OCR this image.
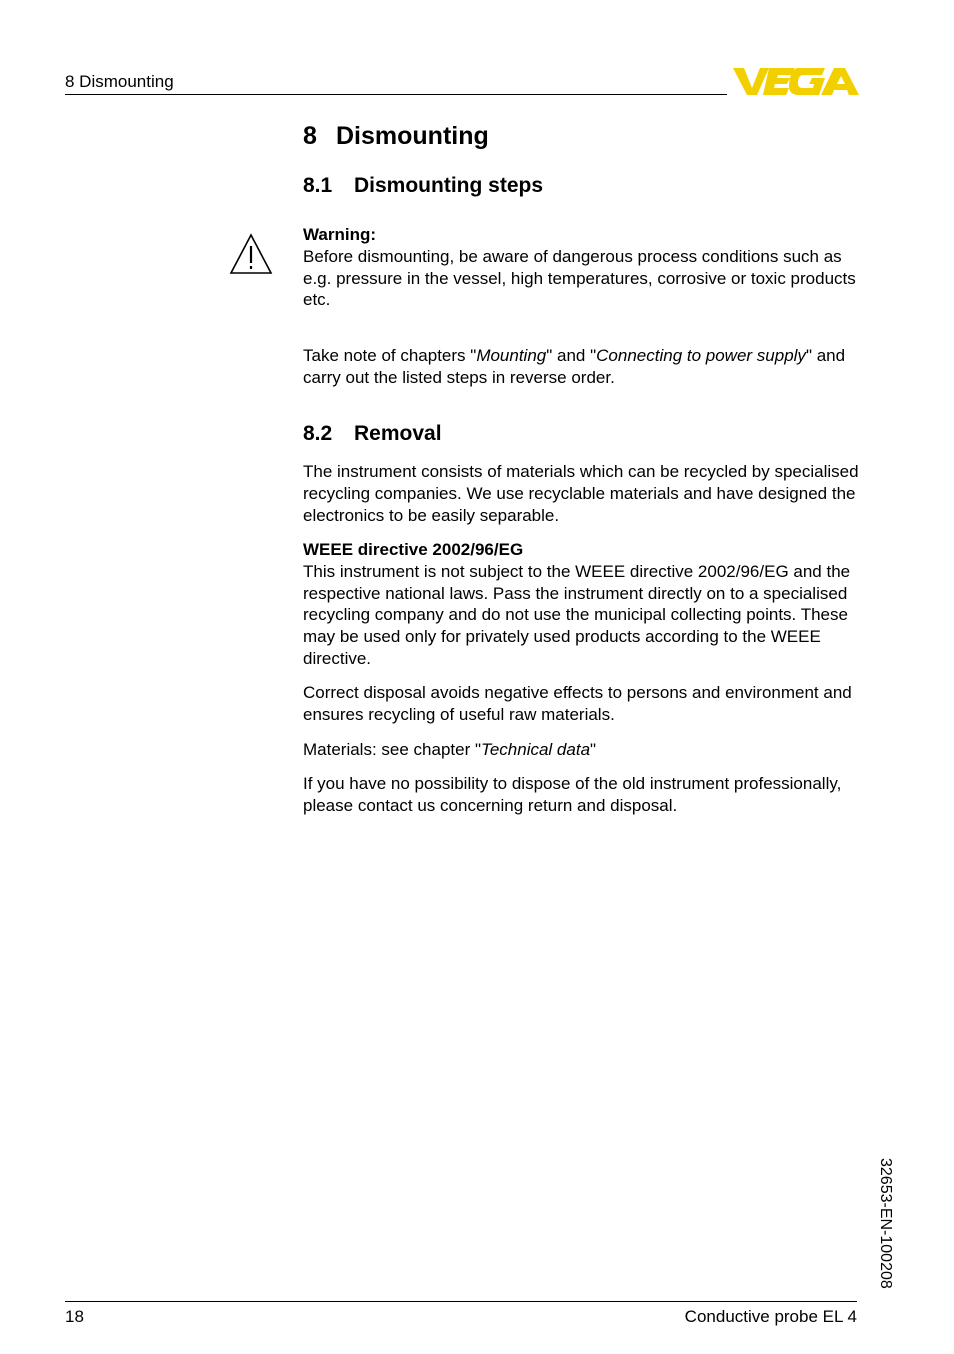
8 Dismounting
8 Dismounting
8.1 Dismounting steps

Warning:

Before dismounting, be aware of dangerous process conditions such as e.g. pressure in the vessel, high temperatures, corrosive or toxic products etc.

Take note of chapters "Mounting" and "Connecting to power supply" and carry out the listed steps in reverse order.

8.2 Removal

The instrument consists of materials which can be recycled by specialised recycling companies. We use recyclable materials and have designed the electronics to be easily separable.

WEEE directive 2002/96/EG

This instrument is not subject to the WEEE directive 2002/96/EG and the respective national laws. Pass the instrument directly on to a specialised recycling company and do not use the municipal collecting points. These may be used only for privately used products according to the WEEE directive.

Correct disposal avoids negative effects to persons and environment and ensures recycling of useful raw materials.

Materials: see chapter "Technical data"

If you have no possibility to dispose of the old instrument professionally, please contact us concerning return and disposal.

32653-EN-100208
18	Conductive probe EL 4
